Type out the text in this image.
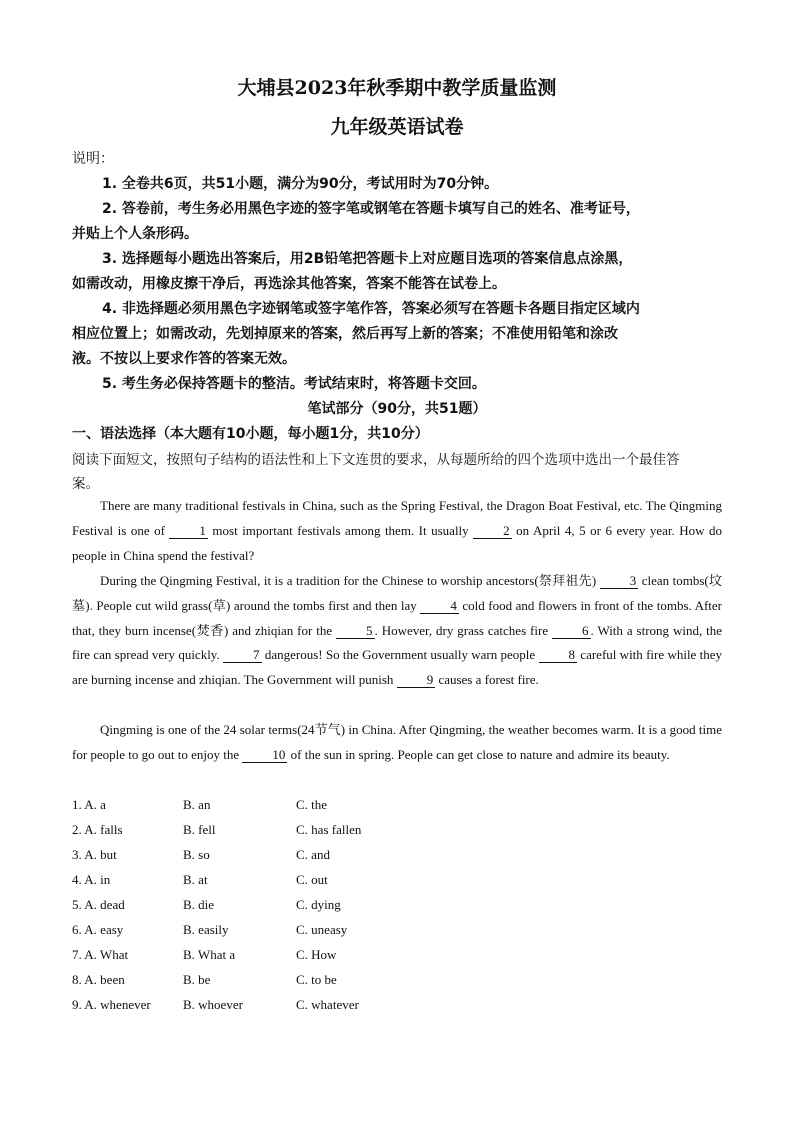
大埔县2023年秋季期中教学质量监测
九年级英语试卷
说明：
1. 全卷共6页，共51小题，满分为90分，考试用时为70分钟。
2. 答卷前，考生务必用黑色字迹的签字笔或钢笔在答题卡填写自己的姓名、准考证号，
并贴上个人条形码。
3. 选择题每小题选出答案后，用2B铅笔把答题卡上对应题目选项的答案信息点涂黑，
如需改动，用橡皮擦干净后，再选涂其他答案，答案不能答在试卷上。
4. 非选择题必须用黑色字迹钢笔或签字笔作答，答案必须写在答题卡各题目指定区域内
相应位置上；如需改动，先划掉原来的答案，然后再写上新的答案；不准使用铅笔和涂改
液。不按以上要求作答的答案无效。
5. 考生务必保持答题卡的整洁。考试结束时，将答题卡交回。
笔试部分（90分，共51题）
一、语法选择（本大题有10小题，每小题1分，共10分）
阅读下面短文，按照句子结构的语法性和上下文连贯的要求，从每题所给的四个选项中选出一个最佳答
案。
There are many traditional festivals in China, such as the Spring Festival, the Dragon Boat Festival, etc. The Qingming Festival is one of 1 most important festivals among them. It usually 2 on April 4, 5 or 6 every year. How do people in China spend the festival?
During the Qingming Festival, it is a tradition for the Chinese to worship ancestors(祭拜祖先) 3 clean tombs(坟墓). People cut wild grass(草) around the tombs first and then lay 4 cold food and flowers in front of the tombs. After that, they burn incense(焚香) and zhiqian for the 5 . However, dry grass catches fire 6 . With a strong wind, the fire can spread very quickly. 7 dangerous! So the Government usually warn people 8 careful with fire while they are burning incense and zhiqian. The Government will punish 9 causes a forest fire.
Qingming is one of the 24 solar terms(24节气) in China. After Qingming, the weather becomes warm. It is a good time for people to go out to enjoy the 10 of the sun in spring. People can get close to nature and admire its beauty.
1. A. a	B. an	C. the
2. A. falls	B. fell	C. has fallen
3. A. but	B. so	C. and
4. A. in	B. at	C. out
5. A. dead	B. die	C. dying
6. A. easy	B. easily	C. uneasy
7. A. What	B. What a	C. How
8. A. been	B. be	C. to be
9. A. whenever B. whoever	C. whatever
